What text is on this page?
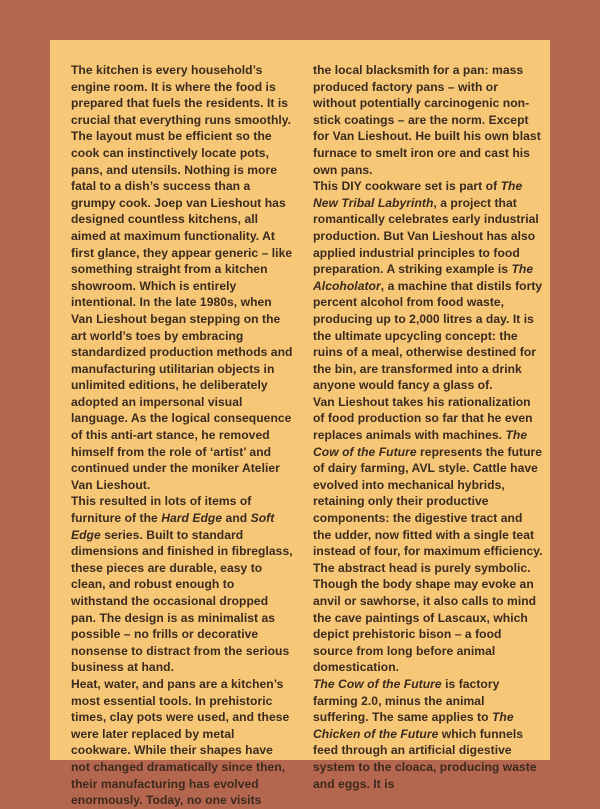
The kitchen is every household’s engine room. It is where the food is prepared that fuels the residents. It is crucial that everything runs smoothly. The layout must be efficient so the cook can instinctively locate pots, pans, and utensils. Nothing is more fatal to a dish’s success than a grumpy cook. Joep van Lieshout has designed countless kitchens, all aimed at maximum functionality. At first glance, they appear generic – like something straight from a kitchen showroom. Which is entirely intentional. In the late 1980s, when Van Lieshout began stepping on the art world’s toes by embracing standardized production methods and manufacturing utilitarian objects in unlimited editions, he deliberately adopted an impersonal visual language. As the logical consequence of this anti-art stance, he removed himself from the role of ‘artist’ and continued under the moniker Atelier Van Lieshout.

This resulted in lots of items of furniture of the Hard Edge and Soft Edge series. Built to standard dimensions and finished in fibreglass, these pieces are durable, easy to clean, and robust enough to withstand the occasional dropped pan. The design is as minimalist as possible – no frills or decorative nonsense to distract from the serious business at hand.

Heat, water, and pans are a kitchen’s most essential tools. In prehistoric times, clay pots were used, and these were later replaced by metal cookware. While their shapes have not changed dramatically since then, their manufacturing has evolved enormously. Today, no one visits

the local blacksmith for a pan: mass produced factory pans – with or without potentially carcinogenic non-stick coatings – are the norm. Except for Van Lieshout. He built his own blast furnace to smelt iron ore and cast his own pans.

This DIY cookware set is part of The New Tribal Labyrinth, a project that romantically celebrates early industrial production. But Van Lieshout has also applied industrial principles to food preparation. A striking example is The Alcoholator, a machine that distils forty percent alcohol from food waste, producing up to 2,000 litres a day. It is the ultimate upcycling concept: the ruins of a meal, otherwise destined for the bin, are transformed into a drink anyone would fancy a glass of.

Van Lieshout takes his rationalization of food production so far that he even replaces animals with machines. The Cow of the Future represents the future of dairy farming, AVL style. Cattle have evolved into mechanical hybrids, retaining only their productive components: the digestive tract and the udder, now fitted with a single teat instead of four, for maximum efficiency. The abstract head is purely symbolic. Though the body shape may evoke an anvil or sawhorse, it also calls to mind the cave paintings of Lascaux, which depict prehistoric bison – a food source from long before animal domestication.

The Cow of the Future is factory farming 2.0, minus the animal suffering. The same applies to The Chicken of the Future which funnels feed through an artificial digestive system to the cloaca, producing waste and eggs. It is
